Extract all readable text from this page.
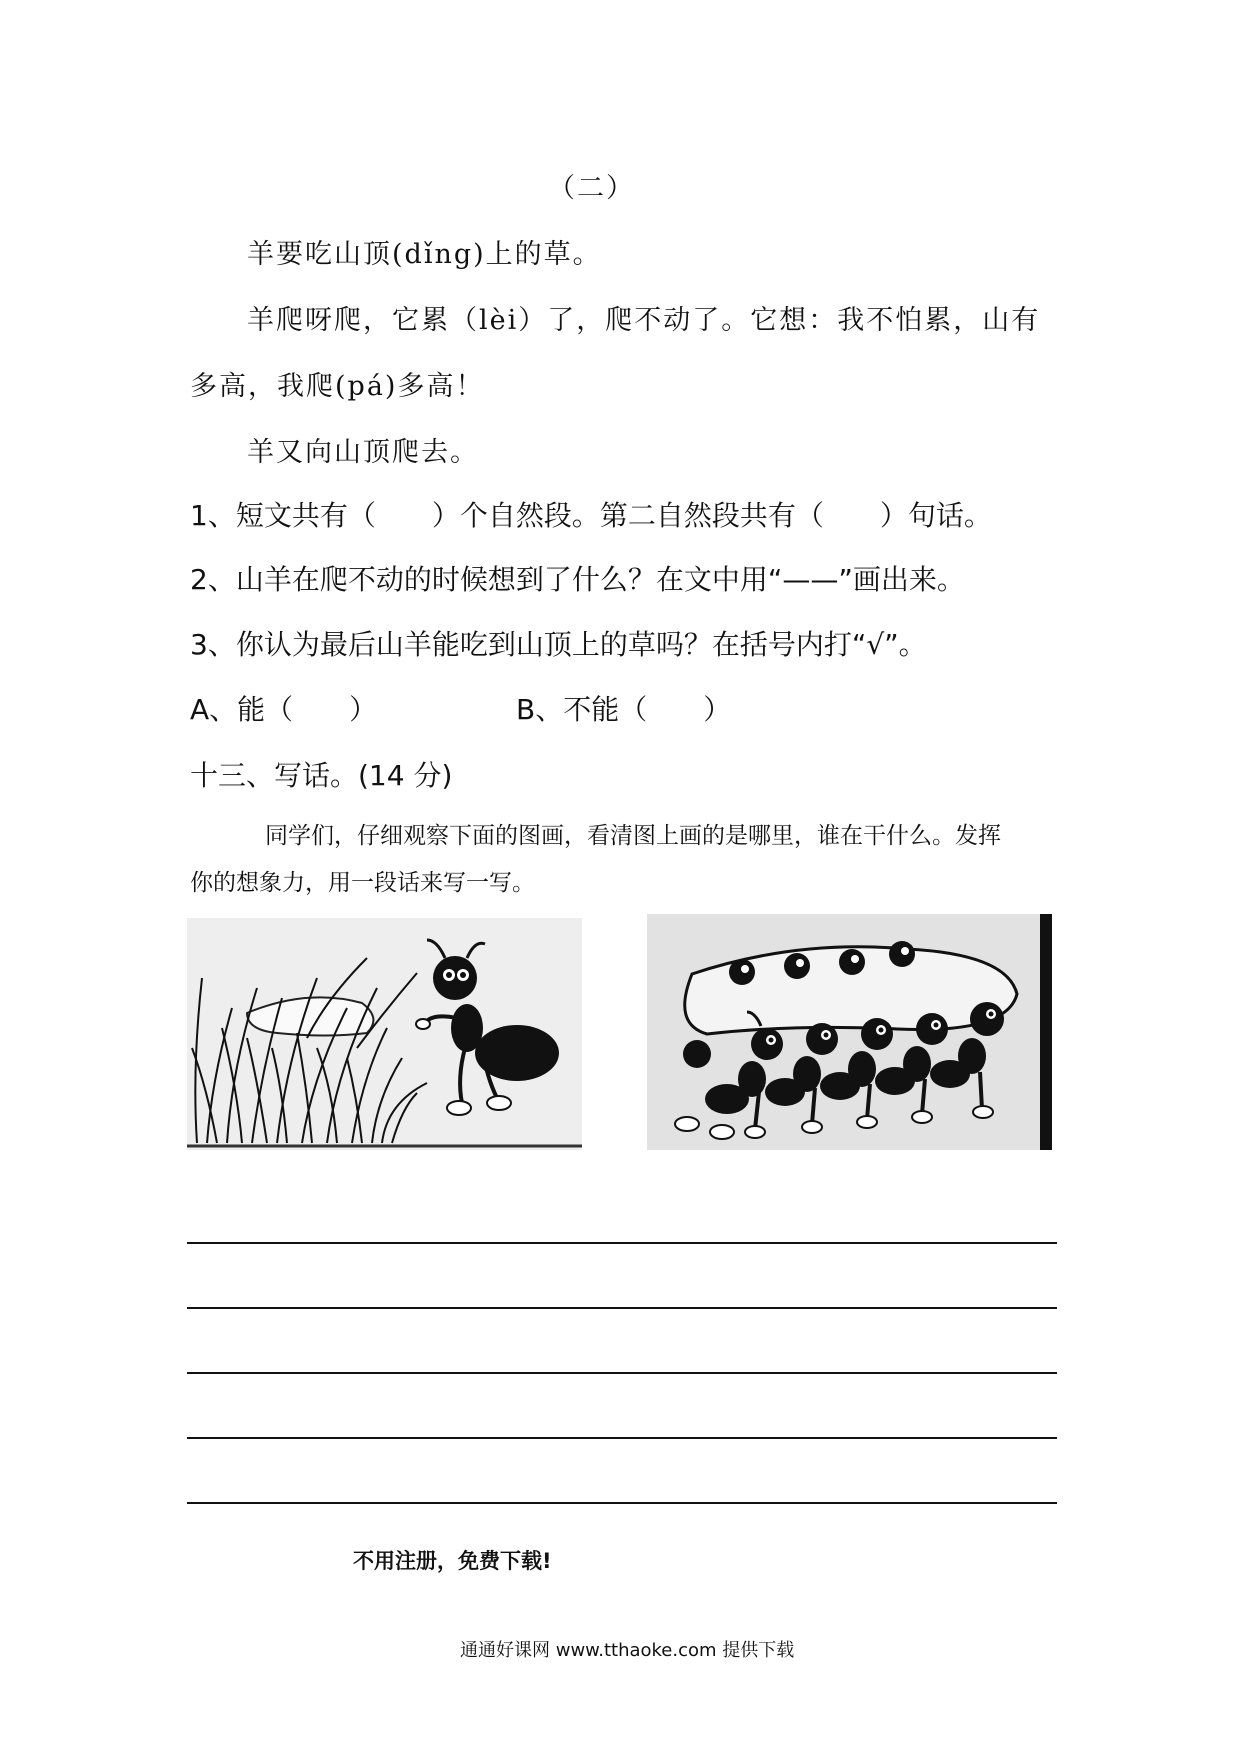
（二）
羊要吃山顶(dǐng)上的草。
羊爬呀爬，它累（lèi）了，爬不动了。它想：我不怕累，山有
多高，我爬(pá)多高！
羊又向山顶爬去。
1、短文共有（　　）个自然段。第二自然段共有（　　）句话。
2、山羊在爬不动的时候想到了什么？在文中用“——”画出来。
3、你认为最后山羊能吃到山顶上的草吗？在括号内打“√”。
A、能（　　）	B、不能（　　）
十三、写话。(14 分)
同学们，仔细观察下面的图画，看清图上画的是哪里，谁在干什么。发挥
你的想象力，用一段话来写一写。
不用注册，免费下载!
通通好课网 www.tthaoke.com 提供下载
